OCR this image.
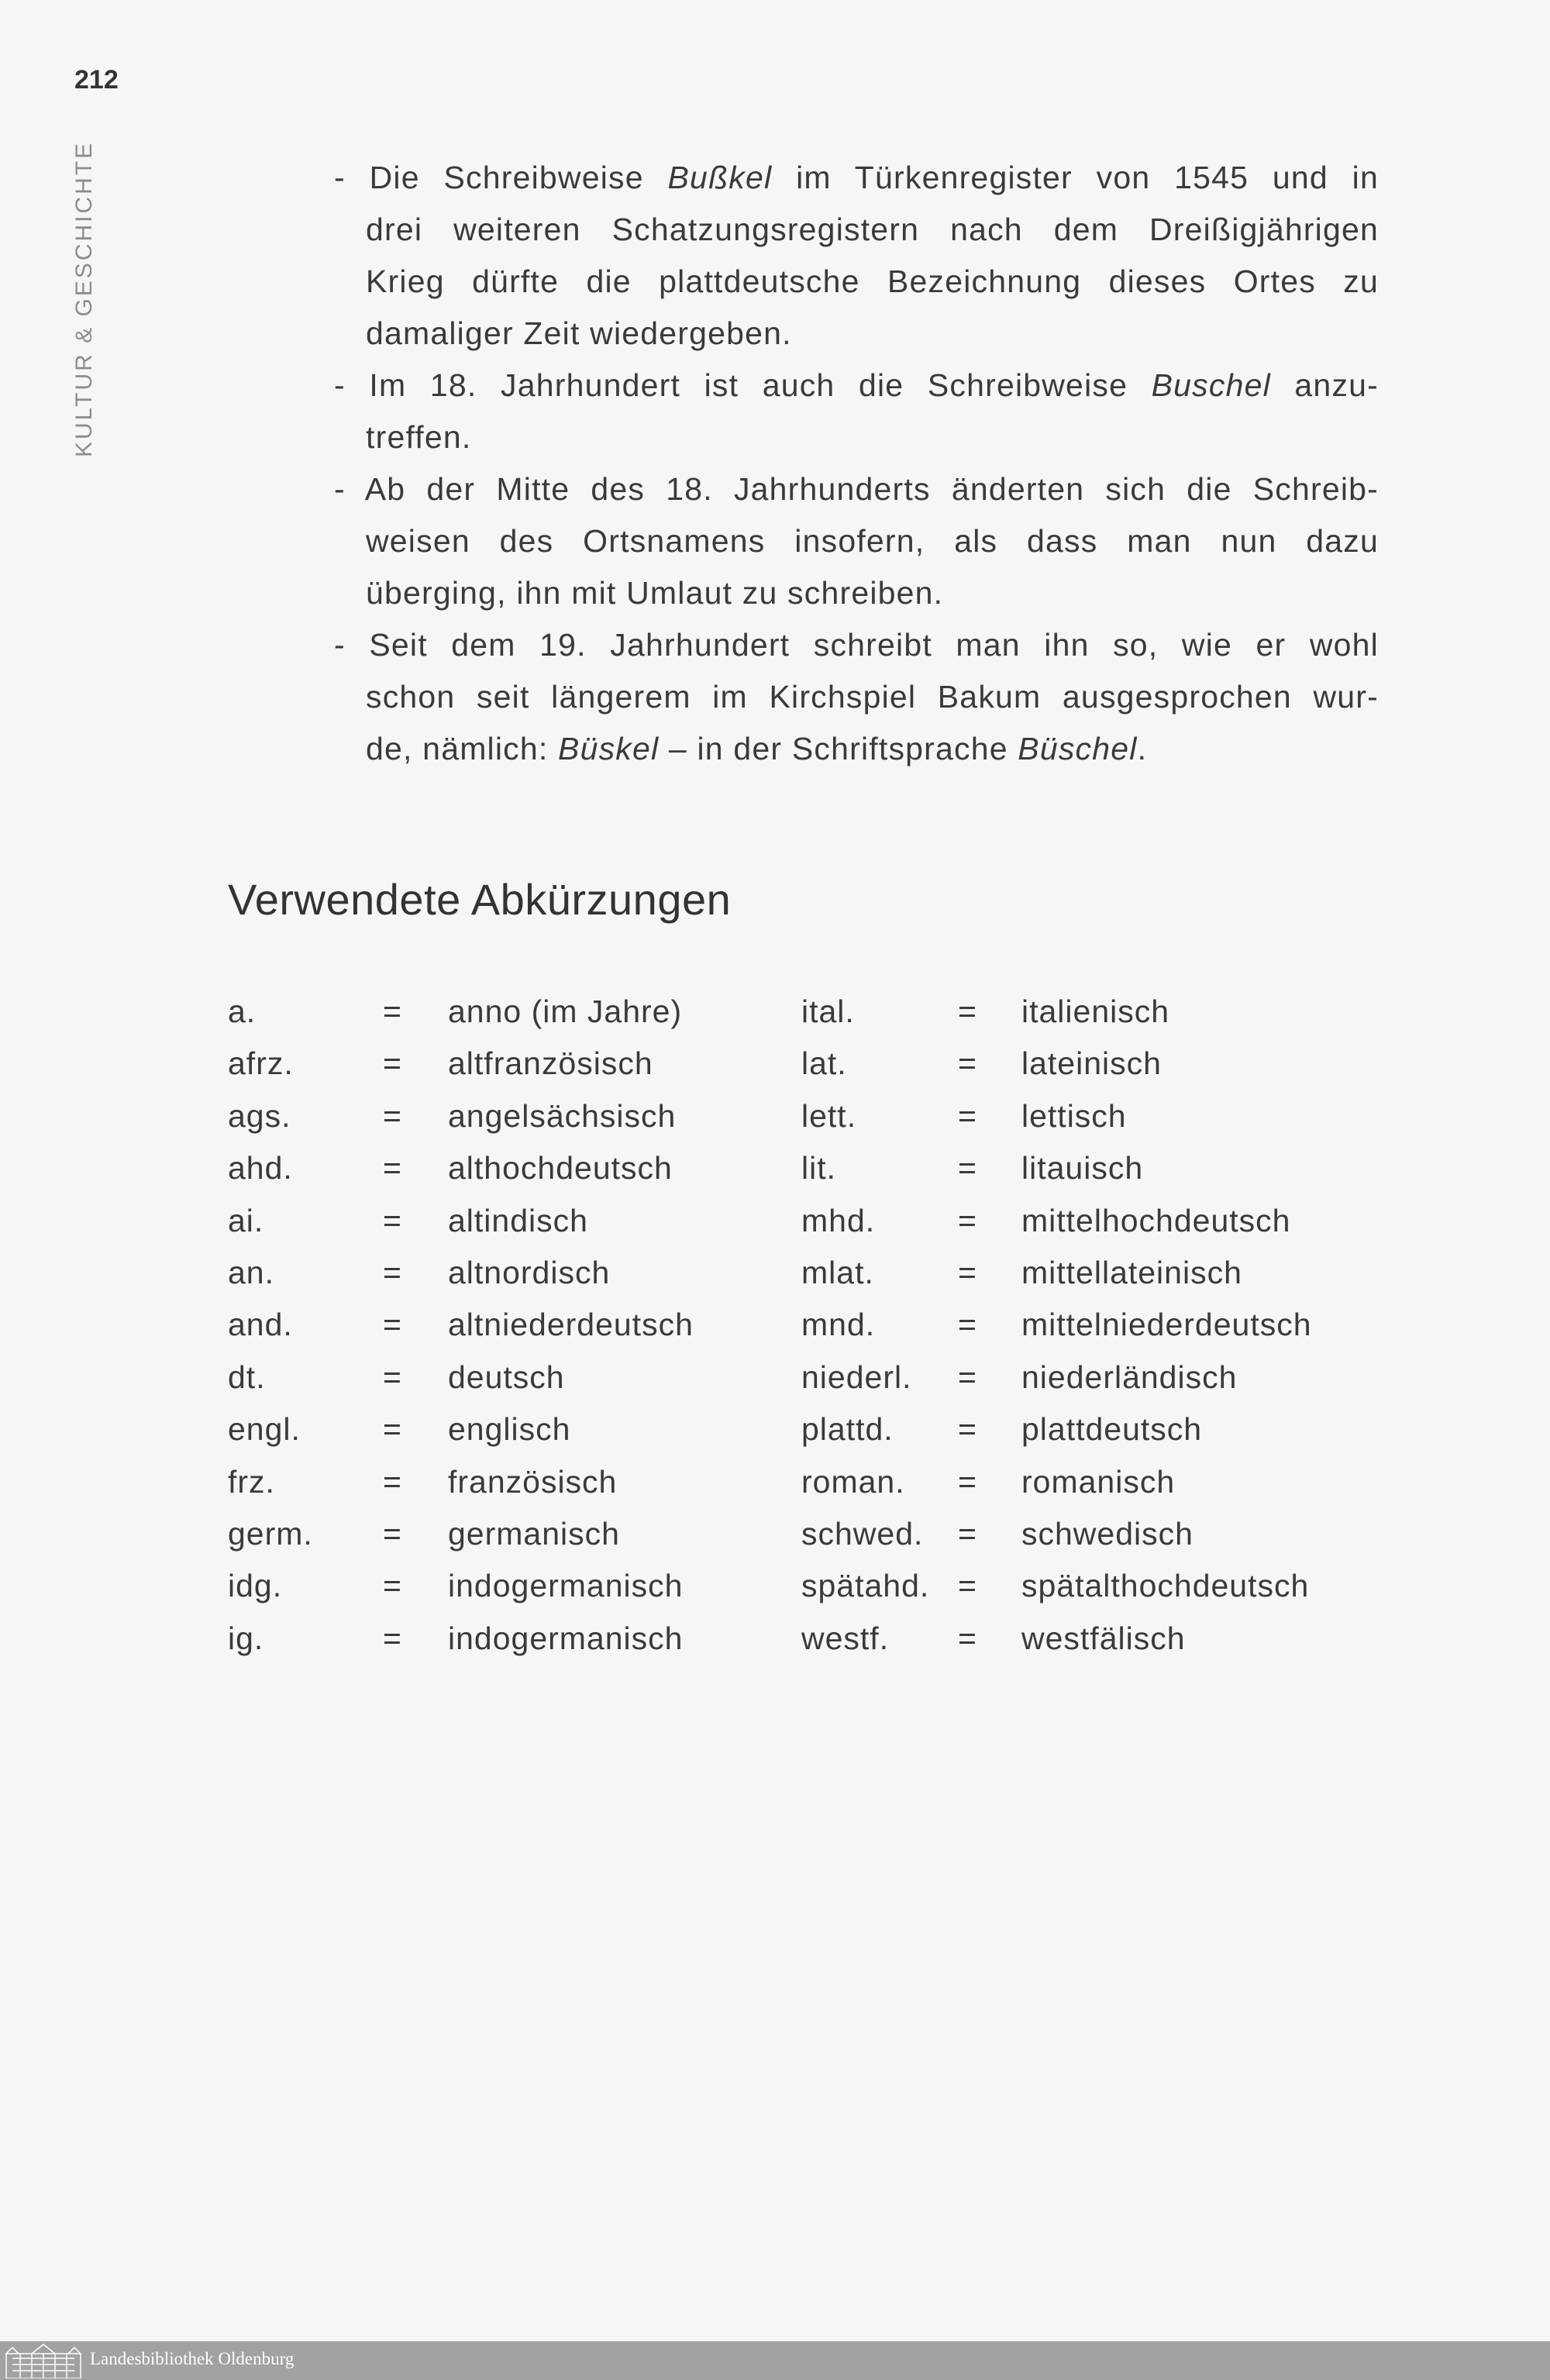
212
KULTUR & GESCHICHTE	- Die Schreibweise Bußkel im Türkenregister von 1545 und in
drei weiteren Schatzungsregistern nach dem Dreißigjährigen
Krieg dürfte die plattdeutsche Bezeichnung dieses Ortes zu
damaliger Zeit wiedergeben.
- Im 18. Jahrhundert ist auch die Schreibweise Buschel anzu-
treffen.
- Ab der Mitte des 18. Jahrhunderts änderten sich die Schreib-
weisen des Ortsnamens insofern, als dass man nun dazu
überging, ihn mit Umlaut zu schreiben.
- Seit dem 19. Jahrhundert schreibt man ihn so, wie er wohl
schon seit längerem im Kirchspiel Bakum ausgesprochen wur-
de, nämlich: Büskel – in der Schriftsprache Büschel.
Verwendete Abkürzungen
a.	= anno (im Jahre)	ital.	= italienisch
afrz.	= altfranzösisch	lat.	= lateinisch
ags.	= angelsächsisch	lett.	= lettisch
ahd.	= althochdeutsch	lit.	= litauisch
ai.	= altindisch	mhd.	= mittelhochdeutsch
an.	= altnordisch	mlat.	= mittellateinisch
and.	= altniederdeutsch	mnd.	= mittelniederdeutsch
dt.	= deutsch	niederl. = niederländisch
engl.	= englisch	plattd. = plattdeutsch
frz.	= französisch	roman. = romanisch
germ. = germanisch	schwed. = schwedisch
idg.	= indogermanisch	spätahd. = spätalthochdeutsch
ig.	= indogermanisch	westf. = westfälisch
Landesbibliothek Oldenburg
